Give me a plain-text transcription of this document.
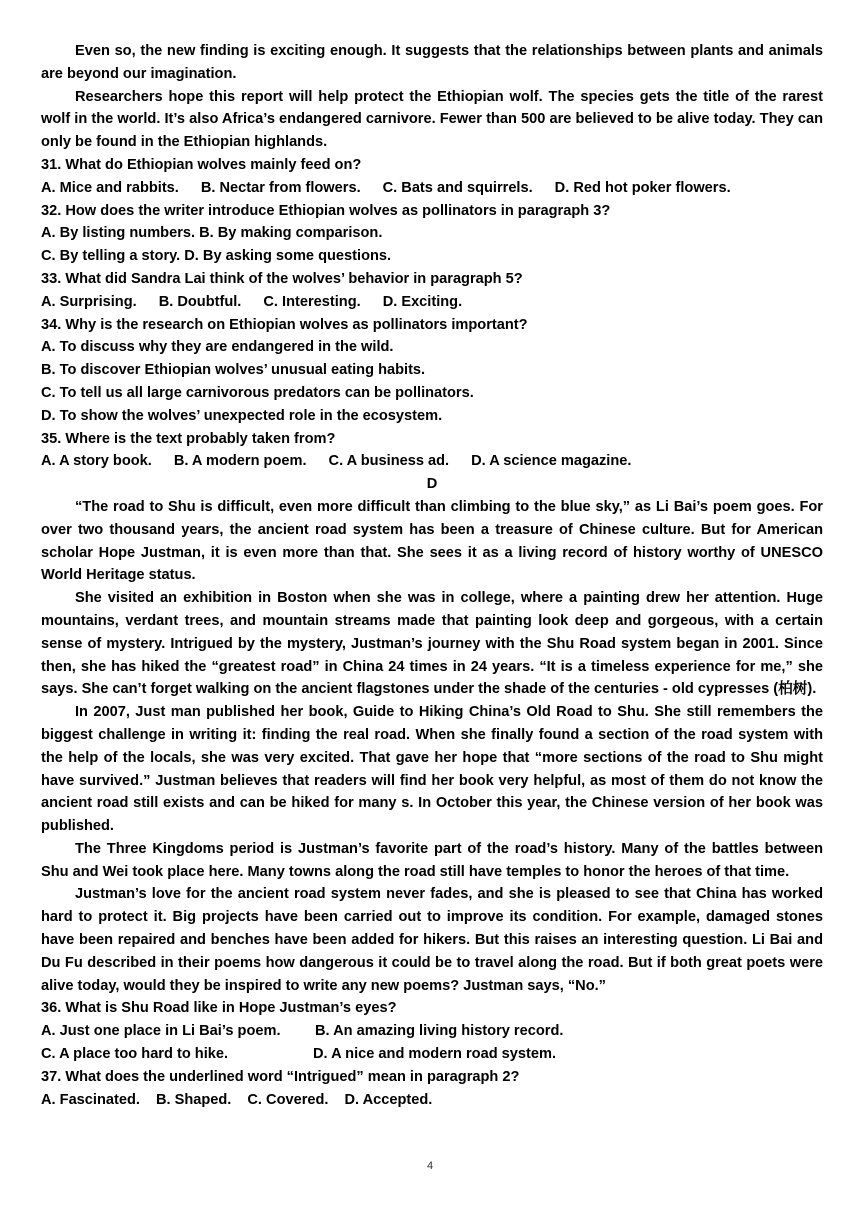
Even so, the new finding is exciting enough. It suggests that the relationships between plants and animals are beyond our imagination.

Researchers hope this report will help protect the Ethiopian wolf. The species gets the title of the rarest wolf in the world. It’s also Africa’s endangered carnivore. Fewer than 500 are believed to be alive today. They can only be found in the Ethiopian highlands.

31. What do Ethiopian wolves mainly feed on?

A. Mice and rabbits. B. Nectar from flowers. C. Bats and squirrels. D. Red hot poker flowers.

32. How does the writer introduce Ethiopian wolves as pollinators in paragraph 3?

A. By listing numbers. B. By making comparison.

C. By telling a story. D. By asking some questions.

33. What did Sandra Lai think of the wolves’ behavior in paragraph 5?

A. Surprising. B. Doubtful. C. Interesting. D. Exciting.

34. Why is the research on Ethiopian wolves as pollinators important?

A. To discuss why they are endangered in the wild.

B. To discover Ethiopian wolves’ unusual eating habits.

C. To tell us all large carnivorous predators can be pollinators.

D. To show the wolves’ unexpected role in the ecosystem.

35. Where is the text probably taken from?

A. A story book. B. A modern poem. C. A business ad. D. A science magazine.

D

“The road to Shu is difficult, even more difficult than climbing to the blue sky,” as Li Bai’s poem goes. For over two thousand years, the ancient road system has been a treasure of Chinese culture. But for American scholar Hope Justman, it is even more than that. She sees it as a living record of history worthy of UNESCO World Heritage status.

She visited an exhibition in Boston when she was in college, where a painting drew her attention. Huge mountains, verdant trees, and mountain streams made that painting look deep and gorgeous, with a certain sense of mystery. Intrigued by the mystery, Justman’s journey with the Shu Road system began in 2001. Since then, she has hiked the “greatest road” in China 24 times in 24 years. “It is a timeless experience for me,” she says. She can’t forget walking on the ancient flagstones under the shade of the centuries - old cypresses (柏树).

In 2007, Just man published her book, Guide to Hiking China’s Old Road to Shu. She still remembers the biggest challenge in writing it: finding the real road. When she finally found a section of the road system with the help of the locals, she was very excited. That gave her hope that “more sections of the road to Shu might have survived.” Justman believes that readers will find her book very helpful, as most of them do not know the ancient road still exists and can be hiked for many s. In October this year, the Chinese version of her book was published.

The Three Kingdoms period is Justman’s favorite part of the road’s history. Many of the battles between Shu and Wei took place here. Many towns along the road still have temples to honor the heroes of that time.

Justman’s love for the ancient road system never fades, and she is pleased to see that China has worked hard to protect it. Big projects have been carried out to improve its condition. For example, damaged stones have been repaired and benches have been added for hikers. But this raises an interesting question. Li Bai and Du Fu described in their poems how dangerous it could be to travel along the road. But if both great poets were alive today, would they be inspired to write any new poems? Justman says, “No.”

36. What is Shu Road like in Hope Justman’s eyes?

A. Just one place in Li Bai’s poem. B. An amazing living history record.

C. A place too hard to hike.	D. A nice and modern road system.

37. What does the underlined word “Intrigued” mean in paragraph 2?

A. Fascinated. B. Shaped. C. Covered. D. Accepted.

4
